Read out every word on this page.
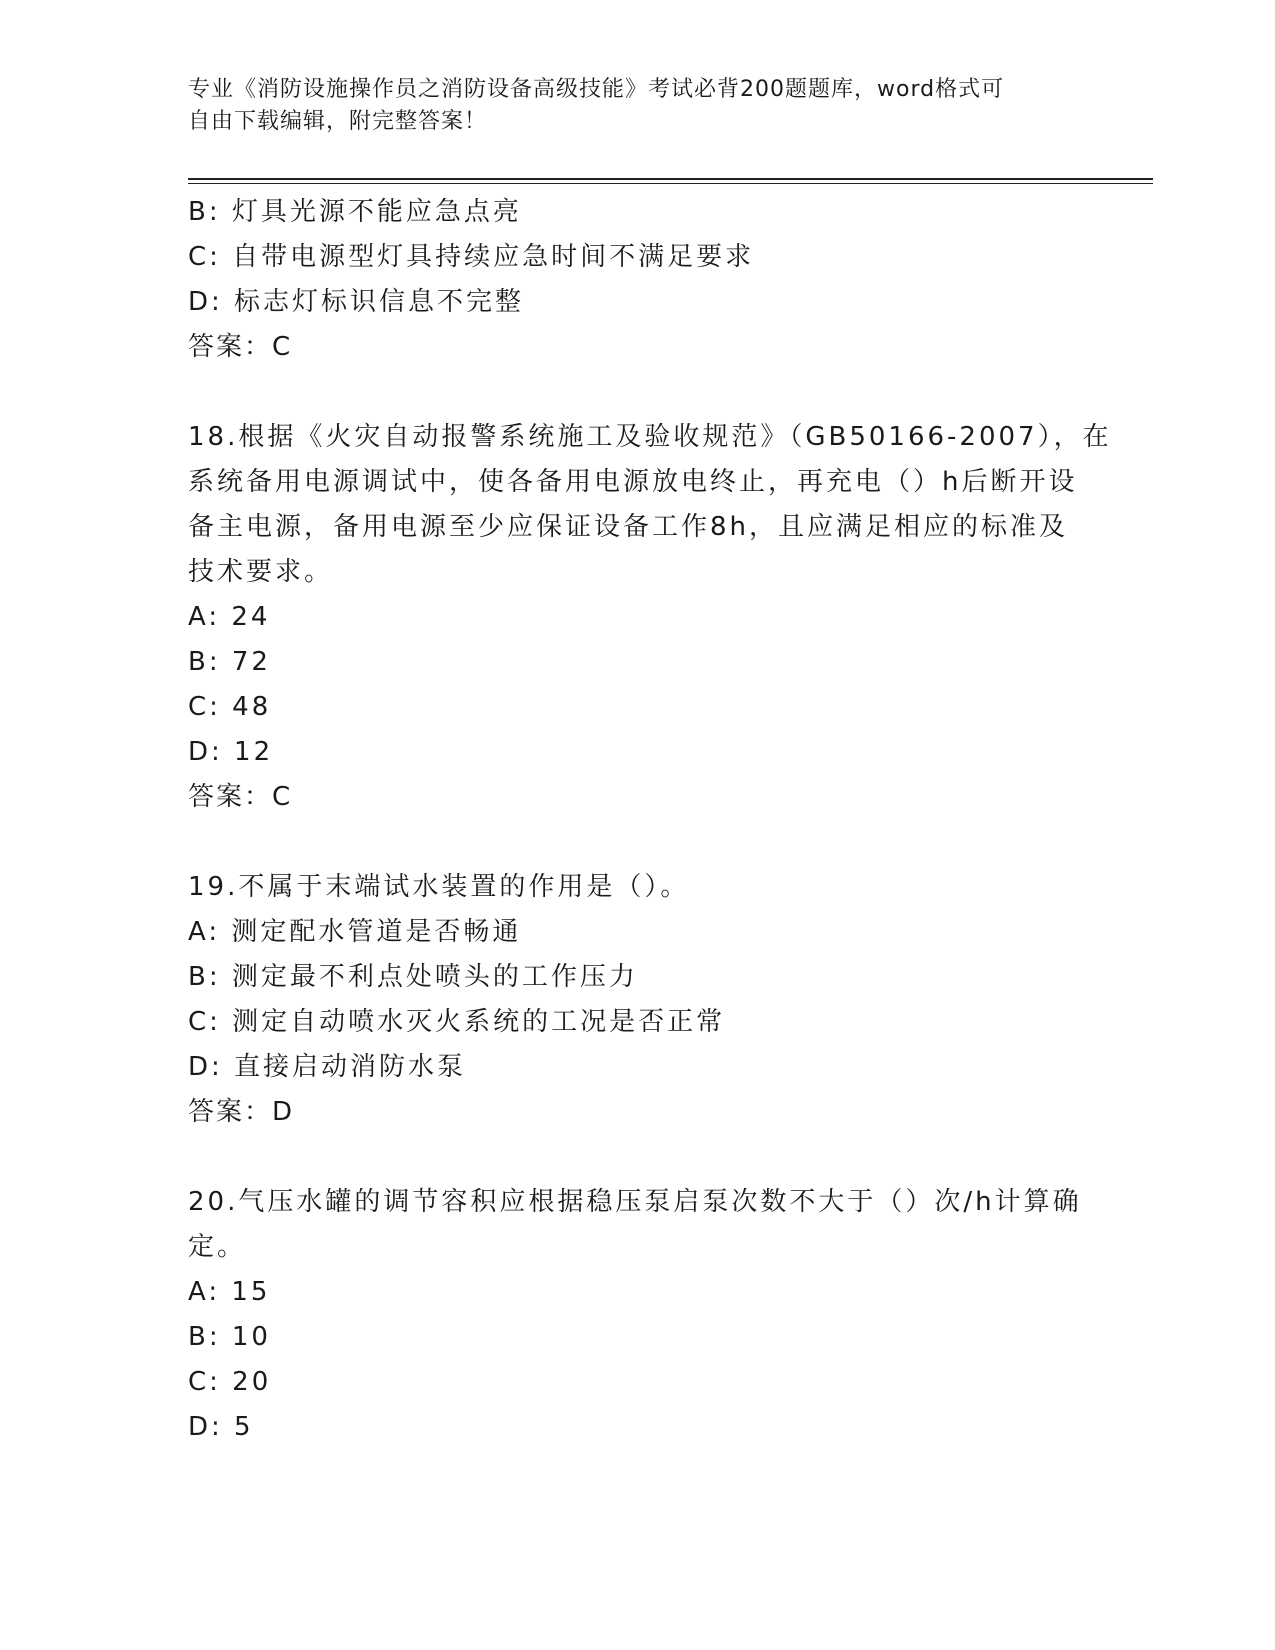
专业《消防设施操作员之消防设备高级技能》考试必背200题题库，word格式可
自由下载编辑，附完整答案！
B: 灯具光源不能应急点亮
C: 自带电源型灯具持续应急时间不满足要求
D: 标志灯标识信息不完整
答案：C
18.根据《火灾自动报警系统施工及验收规范》（GB50166-2007），在
系统备用电源调试中，使各备用电源放电终止，再充电（）h后断开设
备主电源，备用电源至少应保证设备工作8h，且应满足相应的标准及
技术要求。
A: 24
B: 72
C: 48
D: 12
答案：C
19.不属于末端试水装置的作用是（）。
A: 测定配水管道是否畅通
B: 测定最不利点处喷头的工作压力
C: 测定自动喷水灭火系统的工况是否正常
D: 直接启动消防水泵
答案：D
20.气压水罐的调节容积应根据稳压泵启泵次数不大于（）次/h计算确
定。
A: 15
B: 10
C: 20
D: 5
